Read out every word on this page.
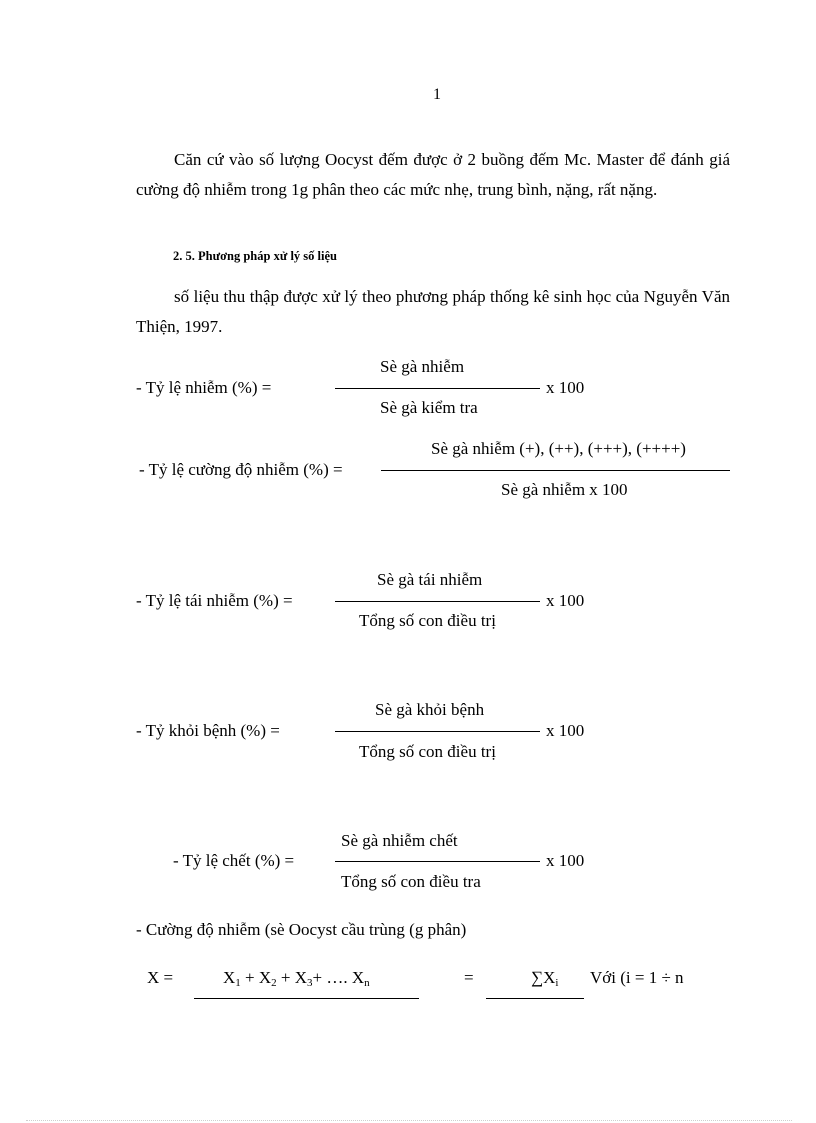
1
Căn cứ vào số lượng Oocyst đếm được ở 2 buồng đếm Mc. Master để đánh giá cường độ nhiễm trong 1g phân theo các mức nhẹ, trung bình, nặng, rất nặng.
2. 5. Phương pháp xử lý số liệu
số liệu thu thập được xử lý theo phương pháp thống kê sinh học của Nguyễn Văn Thiện, 1997.
- Tỷ lệ nhiễm (%) =
Sè gà nhiễm
Sè gà kiểm tra
x 100
- Tỷ lệ cường độ nhiễm (%) =
Sè gà nhiễm (+), (++), (+++), (++++)
Sè gà nhiễm x 100
- Tỷ lệ tái nhiễm (%) =
Sè gà tái nhiễm
Tổng số con điều trị
x 100
- Tỷ khỏi bệnh (%) =
Sè gà khỏi bệnh
Tổng số con điều trị
x 100
- Tỷ lệ chết (%) =
Sè gà nhiễm chết
Tổng số con điều tra
x 100
- Cường độ nhiễm (sè Oocyst cầu trùng (g phân)
X =	$X_1 + X_2 + X_3+$ …. $X_n$	=	$\sum X_i$ Với (i = 1 ÷ n
